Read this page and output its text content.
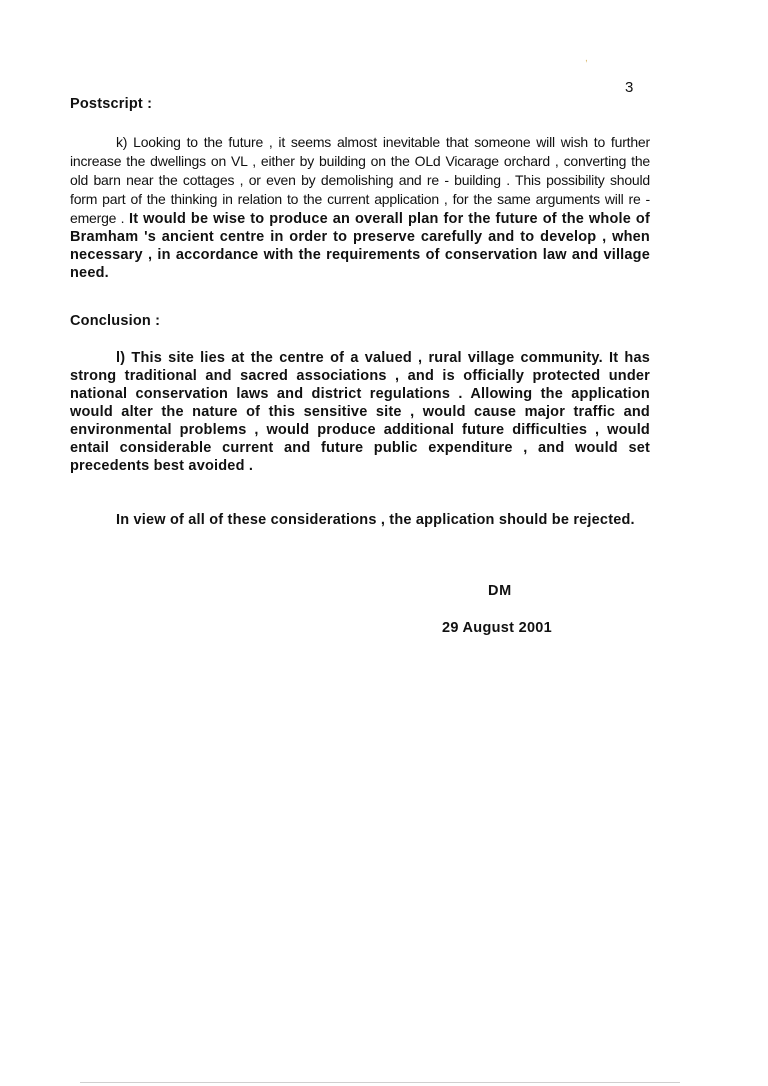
,
3
Postscript :
k) Looking to the future , it seems almost inevitable that someone will wish to further increase the dwellings on VL , either by building on the OLd Vicarage orchard , converting the old barn near the cottages , or even by demolishing and re - building . This possibility should form part of the thinking in relation to the current application , for the same arguments will re - emerge . It would be wise to produce an overall plan for the future of the whole of Bramham 's ancient centre in order to preserve carefully and to develop , when necessary , in accordance with the requirements of conservation law and village need.
Conclusion :
l) This site lies at the centre of a valued , rural village community. It has strong traditional and sacred associations , and is officially protected under national conservation laws and district regulations . Allowing the application would alter the nature of this sensitive site , would cause major traffic and environmental problems , would produce additional future difficulties , would entail considerable current and future public expenditure , and would set precedents best avoided .
In view of all of these considerations , the application should be rejected.
DM
29 August 2001
